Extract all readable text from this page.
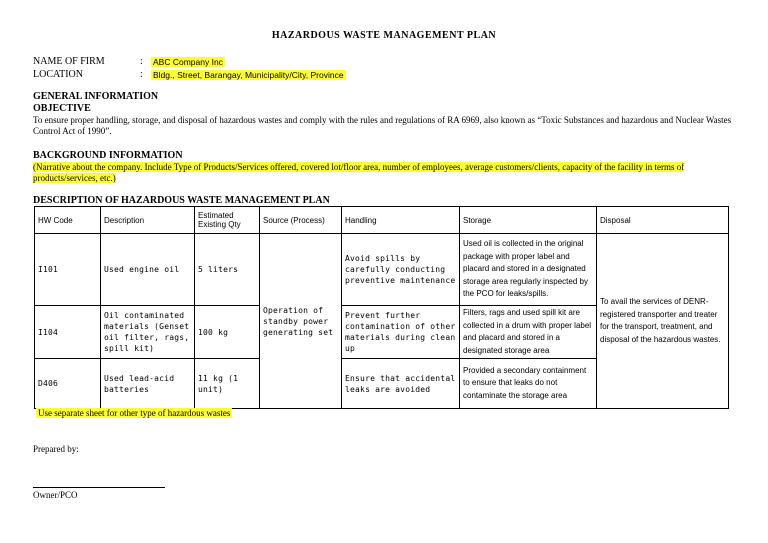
HAZARDOUS WASTE MANAGEMENT PLAN
NAME OF FIRM	: ABC Company Inc
LOCATION	: Bldg., Street, Barangay, Municipality/City, Province
GENERAL INFORMATION
OBJECTIVE
To ensure proper handling, storage, and disposal of hazardous wastes and comply with the rules and regulations of RA 6969, also known as “Toxic Substances and hazardous and Nuclear Wastes Control Act of 1990”.
BACKGROUND INFORMATION
(Narrative about the company. Include Type of Products/Services offered, covered lot/floor area, number of employees, average customers/clients, capacity of the facility in terms of products/services, etc.)
DESCRIPTION OF HAZARDOUS WASTE MANAGEMENT PLAN
HW Code	Description	Estimated Existing Qty	Source (Process)	Handling	Storage	Disposal
I101	Used engine oil	5 liters	Operation of standby power generating set	Avoid spills by carefully conducting preventive maintenance	Used oil is collected in the original package with proper label and placard and stored in a designated storage area regularly inspected by the PCO for leaks/spills.	To avail the services of DENR-registered transporter and treater for the transport, treatment, and disposal of the hazardous wastes.
I104	Oil contaminated materials (Genset oil filter, rags, spill kit)	100 kg		Prevent further contamination of other materials during clean up	Filters, rags and used spill kit are collected in a drum with proper label and placard and stored in a designated storage area	
D406	Used lead-acid batteries	11 kg (1 unit)		Ensure that accidental leaks are avoided	Provided a secondary containment to ensure that leaks do not contaminate the storage area	
Use separate sheet for other type of hazardous wastes
Prepared by:
Owner/PCO
